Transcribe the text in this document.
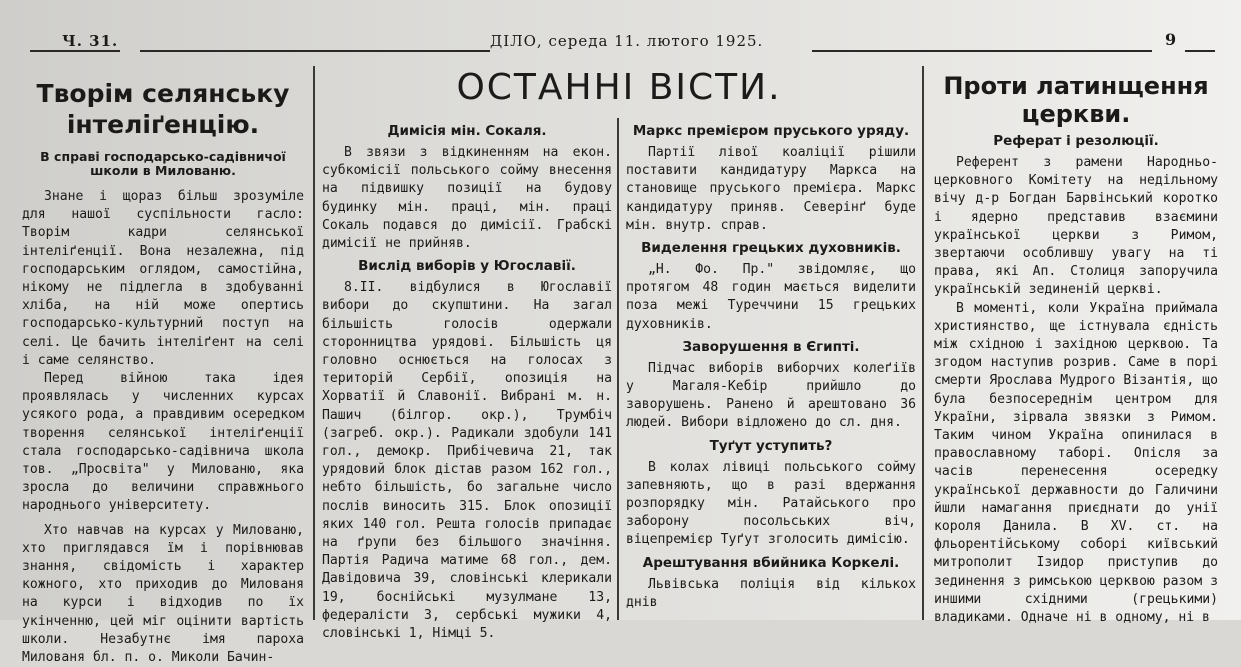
Ч. 31.	ДІЛО, середа 11. лютого 1925.	9
Творім селянську інтеліґенцію.
В справі господарсько-садівничої школи в Милованю.

Знане і щораз більш зрозуміле для нашої суспільности гасло: Творім кадри селянської інтеліґенції. Вона незалежна, під господарським оглядом, самостійна, нікому не підлегла в здобуванні хліба, на ній може опертись господарсько-культурний поступ на селі. Це бачить інтеліґент на селі і саме селянство.

Перед війною така ідея проявлялась у численних курсах усякого рода, а правдивим осередком творення селянської інтеліґенції стала господарсько-садівнича школа тов. „Просвіта" у Милованю, яка зросла до величини справжнього народнього університету.

Хто навчав на курсах у Милованю, хто приглядався їм і порівнював знання, свідомість і характер кожного, хто приходив до Милованя на курси і відходив по їх укінченню, цей міг оцінити вартість школи. Незабутнє імя пароха Милованя бл. п. о. Миколи Бачин-

ОСТАННІ ВІСТИ.
Димісія мін. Сокаля.

В звязи з відкиненням на екон. субкомісії польського сойму внесення на підвишку позиції на будову будинку мін. праці, мін. праці Сокаль подався до димісії. Грабскі димісії не прийняв.

Вислід виборів у Югославії.

8.II. відбулися в Югославії вибори до скупштини. На загал більшість голосів одержали сторонництва урядові. Більшість ця головно оснюється на голосах з територій Сербії, опозиція на Хорватії й Славонії. Вибрані м. н. Пашич (білгор. окр.), Трумбіч (загреб. окр.). Радикали здобули 141 гол., демокр. Прибічевича 21, так урядовий блок дістав разом 162 гол., небто більшість, бо загальне число послів виносить 315. Блок опозиції яких 140 гол. Решта голосів припадає на ґрупи без більшого значіння. Партія Радича матиме 68 гол., дем. Давідовича 39, словінські клерикали 19, боснійські музулмане 13, федералісти 3, сербські мужики 4, словінські 1, Німці 5.

Маркс премієром пруського уряду.

Партії лівої коаліції рішили поставити кандидатуру Маркса на становище пруського премієра. Маркс кандидатуру приняв. Северінґ буде мін. внутр. справ.

Виделення грецьких духовників.

„Н. Фо. Пр." звідомляє, що протягом 48 годин мається виделити поза межі Туреччини 15 грецьких духовників.

Заворушення в Єгипті.

Підчас виборів виборчих колеґіїв у Магаля-Кебір прийшло до заворушень. Ранено й арештовано 36 людей. Вибори відложено до сл. дня.

Туґут уступить?

В колах лівиці польського сойму запевняють, що в разі вдержання розпорядку мін. Ратайського про заборону посольських віч, віцепремієр Туґут зголосить димісію.

Арештування вбийника Коркелі.

Львівська поліція від кількох днів

Проти латинщення церкви.
Реферат і резолюції.

Референт з рамени Народньо-церковного Комітету на недільному вічу д-р Богдан Барвінський коротко і ядерно представив взаємини української церкви з Римом, звертаючи особлившу увагу на ті права, які Ап. Столиця запоручила українській зединеній церкві.

В моменті, коли Україна приймала християнство, ще істнувала єдність між східною і західною церквою. Та згодом наступив розрив. Саме в порі смерти Ярослава Мудрого Візантія, що була безпосереднім центром для України, зірвала звязки з Римом. Таким чином Україна опинилася в православному таборі. Опісля за часів перенесення осередку української державности до Галичини йшли намагання приєднати до унії короля Данила. В XV. ст. на фльорентійському соборі київський митрополит Ізидор приступив до зединення з римською церквою разом з иншими східними (грецькими) владиками. Одначе ні в одному, ні в
